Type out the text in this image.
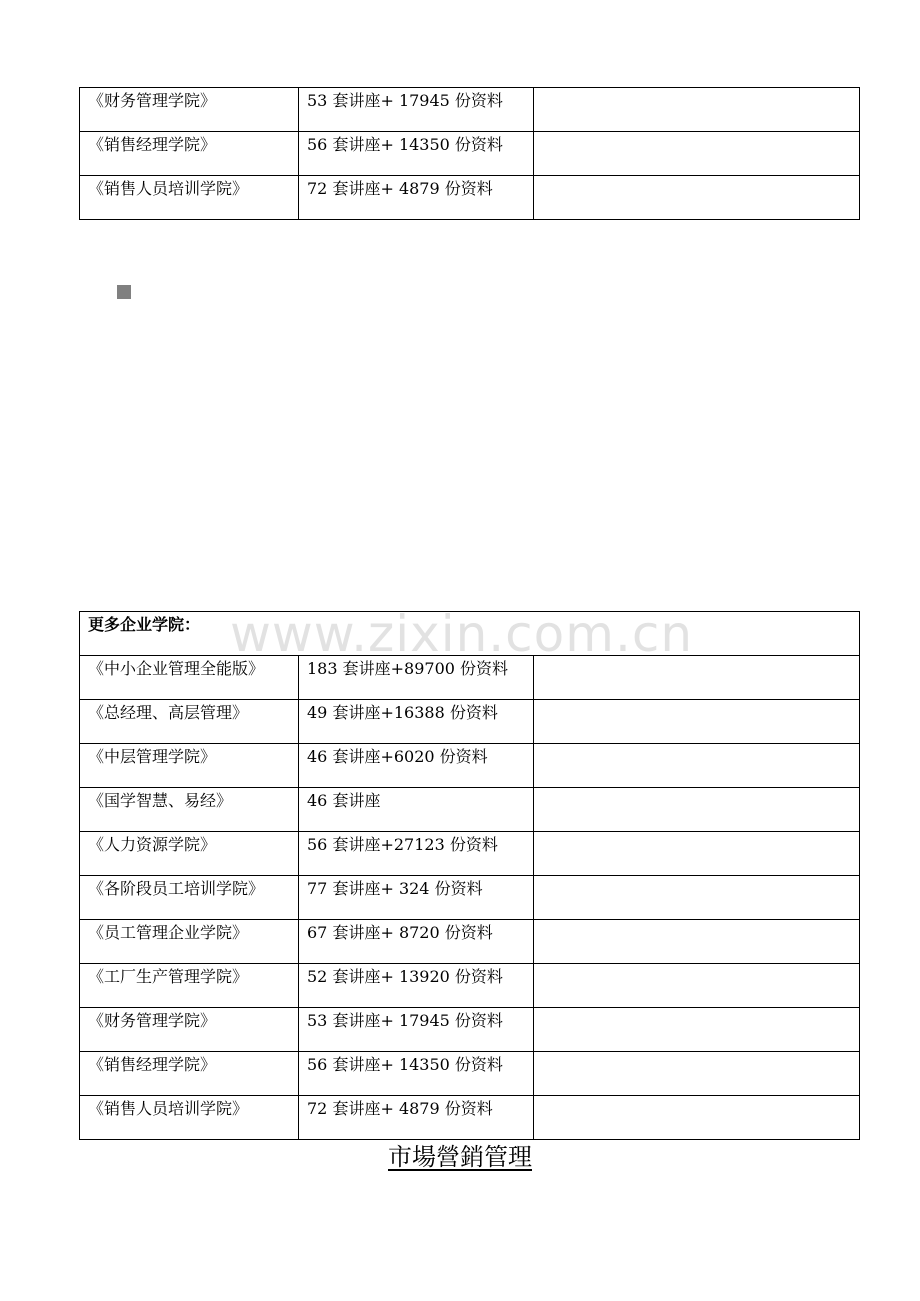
《财务管理学院》	53 套讲座+ 17945 份资料	
《销售经理学院》	56 套讲座+ 14350 份资料	
《销售人员培训学院》	72 套讲座+ 4879 份资料	
更多企业学院：		
《中小企业管理全能版》	183 套讲座+89700 份资料	
《总经理、高层管理》	49 套讲座+16388 份资料	
《中层管理学院》	46 套讲座+6020 份资料	
《国学智慧、易经》	46 套讲座	
《人力资源学院》	56 套讲座+27123 份资料	
《各阶段员工培训学院》	77 套讲座+ 324 份资料	
《员工管理企业学院》	67 套讲座+ 8720 份资料	
《工厂生产管理学院》	52 套讲座+ 13920 份资料	
《财务管理学院》	53 套讲座+ 17945 份资料	
《销售经理学院》	56 套讲座+ 14350 份资料	
《销售人员培训学院》	72 套讲座+ 4879 份资料	
www.zixin.com.cn
市場營銷管理
